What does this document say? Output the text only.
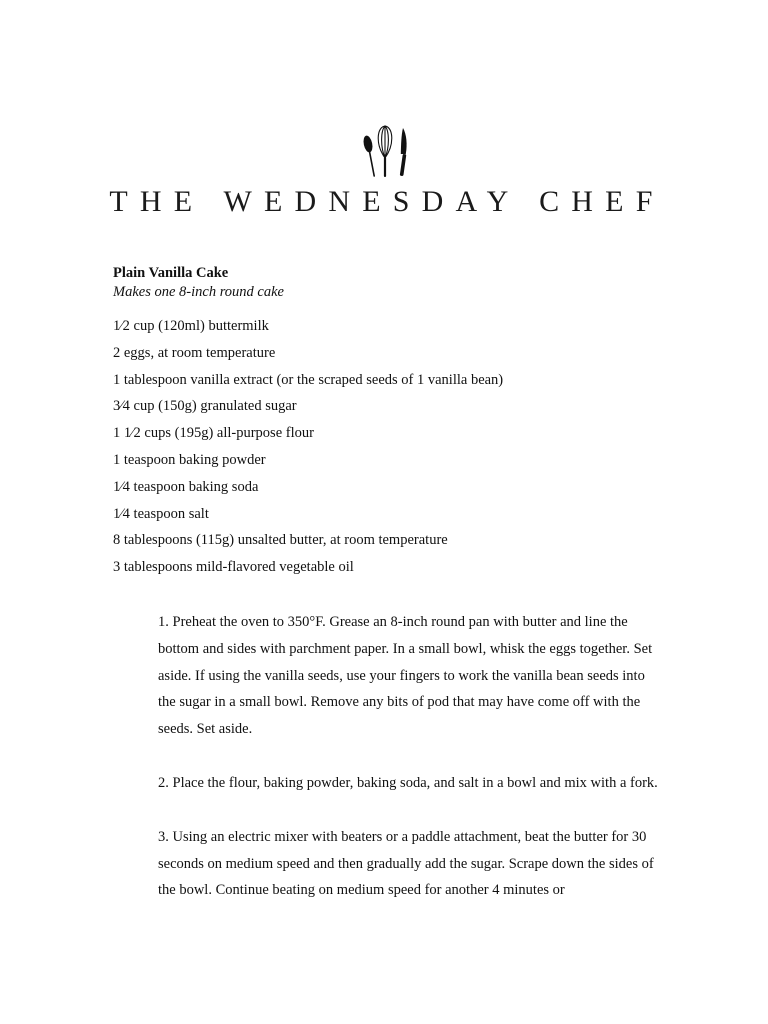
THE WEDNESDAY CHEF
Plain Vanilla Cake
Makes one 8-inch round cake
1⁄2 cup (120ml) buttermilk
2 eggs, at room temperature
1 tablespoon vanilla extract (or the scraped seeds of 1 vanilla bean)
3⁄4 cup (150g) granulated sugar
1 1⁄2 cups (195g) all-purpose flour
1 teaspoon baking powder
1⁄4 teaspoon baking soda
1⁄4 teaspoon salt
8 tablespoons (115g) unsalted butter, at room temperature
3 tablespoons mild-flavored vegetable oil

1. Preheat the oven to 350°F. Grease an 8-inch round pan with butter and line the bottom and sides with parchment paper. In a small bowl, whisk the eggs together. Set aside. If using the vanilla seeds, use your fingers to work the vanilla bean seeds into the sugar in a small bowl. Remove any bits of pod that may have come off with the seeds. Set aside.

2. Place the flour, baking powder, baking soda, and salt in a bowl and mix with a fork.

3. Using an electric mixer with beaters or a paddle attachment, beat the butter for 30 seconds on medium speed and then gradually add the sugar. Scrape down the sides of the bowl. Continue beating on medium speed for another 4 minutes or
